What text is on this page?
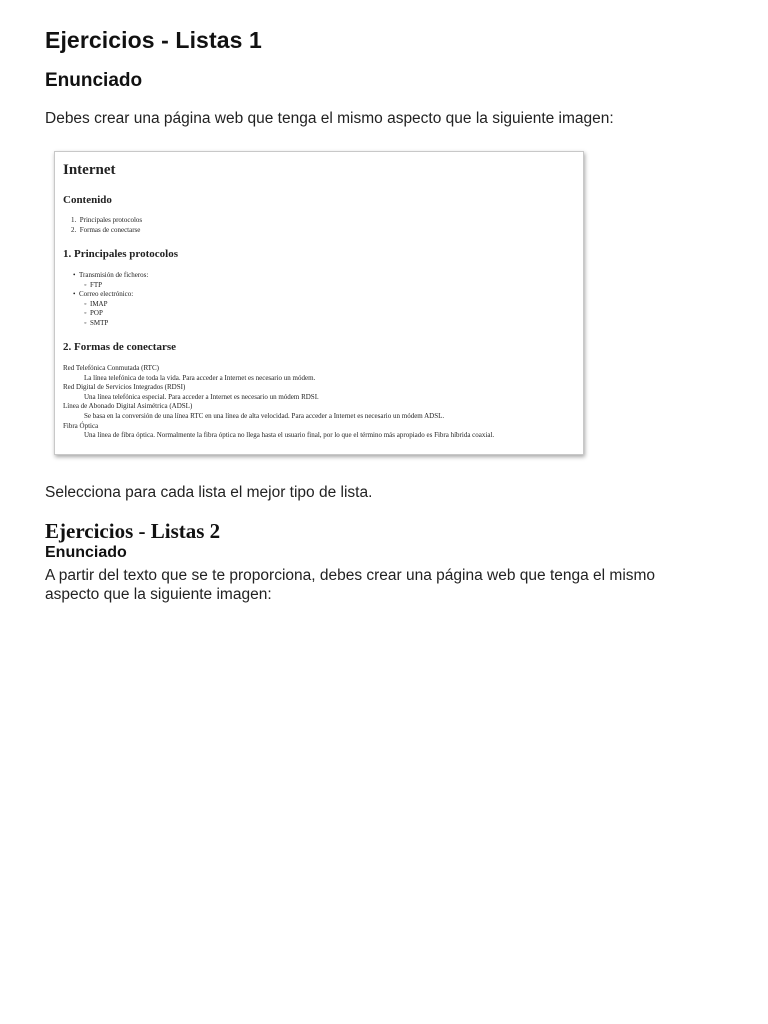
Ejercicios - Listas 1
Enunciado

Debes crear una página web que tenga el mismo aspecto que la siguiente imagen:

Internet
Contenido
1.  Principales protocolos
2.  Formas de conectarse
1. Principales protocolos
• Transmisión de ficheros:
◦ FTP
• Correo electrónico:
◦ IMAP
◦ POP
◦ SMTP
2. Formas de conectarse
Red Telefónica Conmutada (RTC)
La línea telefónica de toda la vida. Para acceder a Internet es necesario un módem.
Red Digital de Servicios Integrados (RDSI)
Una línea telefónica especial. Para acceder a Internet es necesario un módem RDSI.
Línea de Abonado Digital Asimétrica (ADSL)
Se basa en la conversión de una línea RTC en una línea de alta velocidad. Para acceder a Internet es necesario un módem ADSL.
Fibra Óptica
Una línea de fibra óptica. Normalmente la fibra óptica no llega hasta el usuario final, por lo que el término más apropiado es Fibra híbrida coaxial.

Selecciona para cada lista el mejor tipo de lista.

Ejercicios - Listas 2
Enunciado

A partir del texto que se te proporciona, debes crear una página web que tenga el mismo aspecto que la siguiente imagen:
